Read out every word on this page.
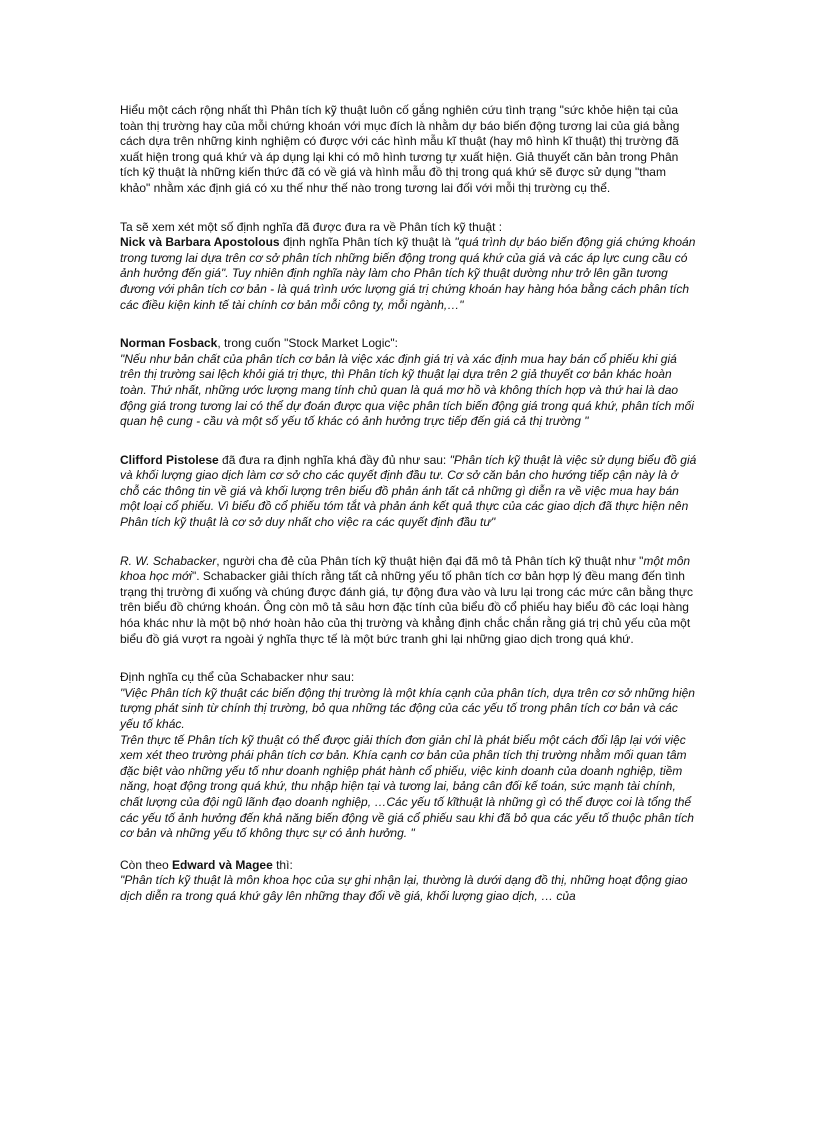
Hiểu một cách rộng nhất thì Phân tích kỹ thuật luôn cố gắng nghiên cứu tình trạng "sức khỏe hiện tại của toàn thị trường hay của mỗi chứng khoán với mục đích là nhằm dự báo biến động tương lai của giá bằng cách dựa trên những kinh nghiệm có được với các hình mẫu kĩ thuật (hay mô hình kĩ thuật) thị trường đã xuất hiện trong quá khứ và áp dụng lại khi có mô hình tương tự xuất hiện. Giả thuyết căn bản trong Phân tích kỹ thuật là những kiến thức đã có về giá và hình mẫu đồ thị trong quá khứ sẽ được sử dụng "tham khảo" nhằm xác định giá có xu thế như thế nào trong tương lai đối với mỗi thị trường cụ thể.

Ta sẽ xem xét một số định nghĩa đã được đưa ra về Phân tích kỹ thuật :

Nick và Barbara Apostolous định nghĩa Phân tích kỹ thuật là "quá trình dự báo biến động giá chứng khoán trong tương lai dựa trên cơ sở phân tích những biến động trong quá khứ của giá và các áp lực cung cầu có ảnh hưởng đến giá". Tuy nhiên định nghĩa này làm cho Phân tích kỹ thuật dường như trở lên gần tương đương với phân tích cơ bản - là quá trình ước lượng giá trị chứng khoán hay hàng hóa bằng cách phân tích các điều kiện kinh tế tài chính cơ bản mỗi công ty, mỗi ngành,…"

Norman Fosback, trong cuốn "Stock Market Logic":

"Nếu như bản chất của phân tích cơ bản là việc xác định giá trị và xác định mua hay bán cổ phiếu khi giá trên thị trường sai lệch khỏi giá trị thực, thì Phân tích kỹ thuật lại dựa trên 2 giả thuyết cơ bản khác hoàn toàn. Thứ nhất, những ước lượng mang tính chủ quan là quá mơ hồ và không thích hợp và thứ hai là dao động giá trong tương lai có thể dự đoán được qua việc phân tích biến động giá trong quá khứ, phân tích mối quan hệ cung - cầu và một số yếu tố khác có ảnh hưởng trực tiếp đến giá cả thị trường "

Clifford Pistolese đã đưa ra định nghĩa khá đầy đủ như sau: "Phân tích kỹ thuật là việc sử dụng biểu đồ giá và khối lượng giao dịch làm cơ sở cho các quyết định đầu tư. Cơ sở căn bản cho hướng tiếp cận này là ở chỗ các thông tin về giá và khối lượng trên biểu đồ phản ánh tất cả những gì diễn ra về việc mua hay bán một loại cổ phiếu. Vì biểu đồ cổ phiếu tóm tắt và phản ánh kết quả thực của các giao dịch đã thực hiện nên Phân tích kỹ thuật là cơ sở duy nhất cho việc ra các quyết định đầu tư"

R. W. Schabacker, người cha đẻ của Phân tích kỹ thuật hiện đại đã mô tả Phân tích kỹ thuật như "một môn khoa học mới". Schabacker giải thích rằng tất cả những yếu tố phân tích cơ bản hợp lý đều mang đến tình trạng thị trường đi xuống và chúng được đánh giá, tự động đưa vào và lưu lại trong các mức cân bằng thực trên biểu đồ chứng khoán. Ông còn mô tả sâu hơn đặc tính của biểu đồ cổ phiếu hay biểu đồ các loại hàng hóa khác như là một bộ nhớ hoàn hảo của thị trường và khẳng định chắc chắn rằng giá trị chủ yếu của một biểu đồ giá vượt ra ngoài ý nghĩa thực tế là một bức tranh ghi lại những giao dịch trong quá khứ.

Định nghĩa cụ thể của Schabacker như sau:

"Việc Phân tích kỹ thuật các biến động thị trường là một khía cạnh của phân tích, dựa trên cơ sở những hiện tượng phát sinh từ chính thị trường, bỏ qua những tác động của các yếu tố trong phân tích cơ bản và các yếu tố khác.

Trên thực tế Phân tích kỹ thuật có thể được giải thích đơn giản chỉ là phát biểu một cách đối lập lại với việc xem xét theo trường phái phân tích cơ bản. Khía cạnh cơ bản của phân tích thị trường nhằm mối quan tâm đặc biệt vào những yếu tố như doanh nghiệp phát hành cổ phiếu, việc kinh doanh của doanh nghiệp, tiềm năng, hoạt động trong quá khứ, thu nhập hiện tại và tương lai, bảng cân đối kế toán, sức mạnh tài chính, chất lượng của đội ngũ lãnh đạo doanh nghiệp, …Các yếu tố kĩthuật là những gì có thể được coi là tổng thể các yếu tố ảnh hưởng đến khả năng biến động về giá cổ phiếu sau khi đã bỏ qua các yếu tố thuộc phân tích cơ bản và những yếu tố không thực sự có ảnh hưởng. "

Còn theo Edward và Magee thì:

"Phân tích kỹ thuật là môn khoa học của sự ghi nhận lại, thường là dưới dạng đồ thị, những hoạt động giao dịch diễn ra trong quá khứ gây lên những thay đổi về giá, khối lượng giao dịch, … của
